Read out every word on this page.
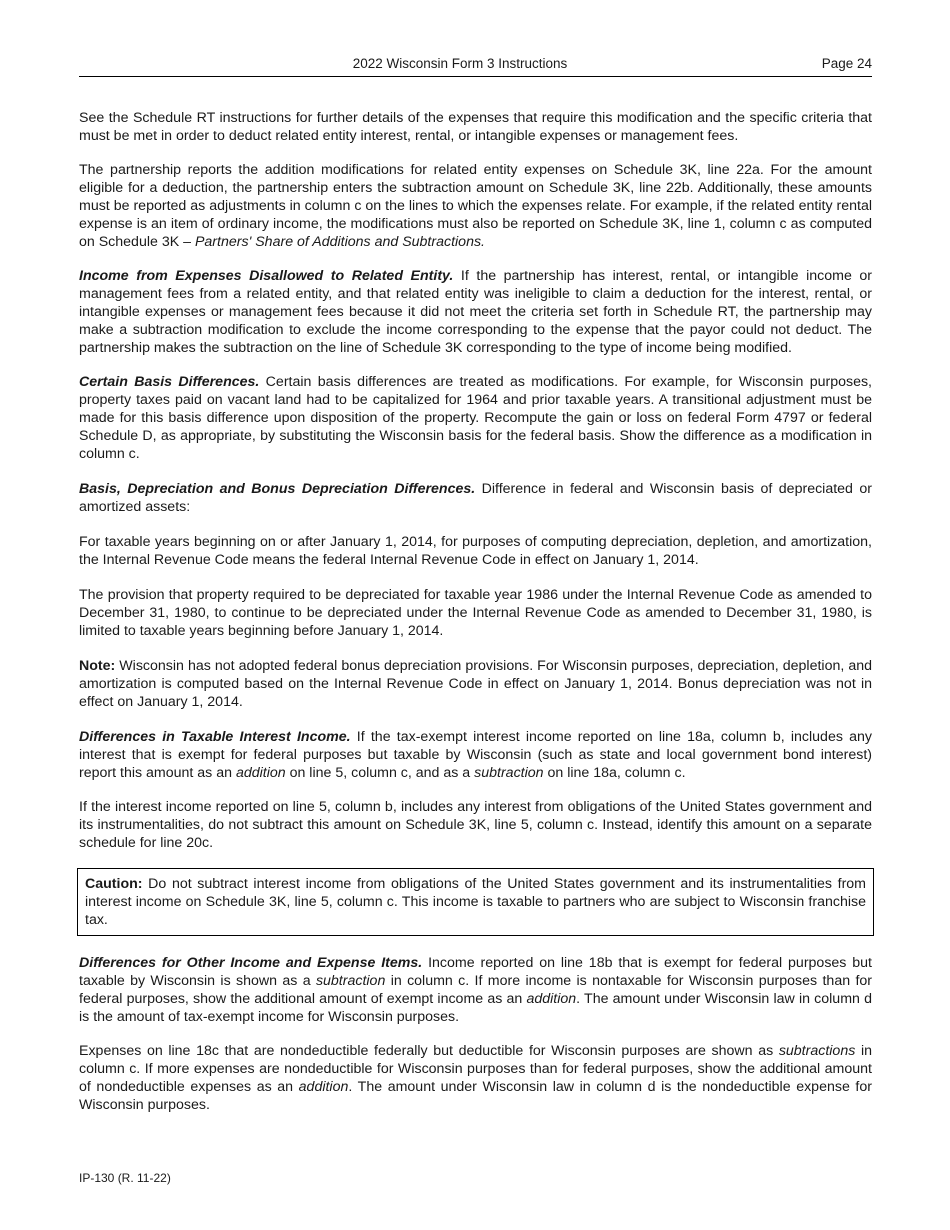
2022 Wisconsin Form 3 Instructions	Page 24

See the Schedule RT instructions for further details of the expenses that require this modification and the specific criteria that must be met in order to deduct related entity interest, rental, or intangible expenses or management fees.

The partnership reports the addition modifications for related entity expenses on Schedule 3K, line 22a. For the amount eligible for a deduction, the partnership enters the subtraction amount on Schedule 3K, line 22b. Additionally, these amounts must be reported as adjustments in column c on the lines to which the expenses relate. For example, if the related entity rental expense is an item of ordinary income, the modifications must also be reported on Schedule 3K, line 1, column c as computed on Schedule 3K – Partners' Share of Additions and Subtractions.

Income from Expenses Disallowed to Related Entity. If the partnership has interest, rental, or intangible income or management fees from a related entity, and that related entity was ineligible to claim a deduction for the interest, rental, or intangible expenses or management fees because it did not meet the criteria set forth in Schedule RT, the partnership may make a subtraction modification to exclude the income corresponding to the expense that the payor could not deduct. The partnership makes the subtraction on the line of Schedule 3K corresponding to the type of income being modified.

Certain Basis Differences. Certain basis differences are treated as modifications. For example, for Wisconsin purposes, property taxes paid on vacant land had to be capitalized for 1964 and prior taxable years. A transitional adjustment must be made for this basis difference upon disposition of the property. Recompute the gain or loss on federal Form 4797 or federal Schedule D, as appropriate, by substituting the Wisconsin basis for the federal basis. Show the difference as a modification in column c.

Basis, Depreciation and Bonus Depreciation Differences. Difference in federal and Wisconsin basis of depreciated or amortized assets:

For taxable years beginning on or after January 1, 2014, for purposes of computing depreciation, depletion, and amortization, the Internal Revenue Code means the federal Internal Revenue Code in effect on January 1, 2014.

The provision that property required to be depreciated for taxable year 1986 under the Internal Revenue Code as amended to December 31, 1980, to continue to be depreciated under the Internal Revenue Code as amended to December 31, 1980, is limited to taxable years beginning before January 1, 2014.

Note: Wisconsin has not adopted federal bonus depreciation provisions. For Wisconsin purposes, depreciation, depletion, and amortization is computed based on the Internal Revenue Code in effect on January 1, 2014. Bonus depreciation was not in effect on January 1, 2014.

Differences in Taxable Interest Income. If the tax-exempt interest income reported on line 18a, column b, includes any interest that is exempt for federal purposes but taxable by Wisconsin (such as state and local government bond interest) report this amount as an addition on line 5, column c, and as a subtraction on line 18a, column c.

If the interest income reported on line 5, column b, includes any interest from obligations of the United States government and its instrumentalities, do not subtract this amount on Schedule 3K, line 5, column c. Instead, identify this amount on a separate schedule for line 20c.

Caution: Do not subtract interest income from obligations of the United States government and its instrumentalities from interest income on Schedule 3K, line 5, column c. This income is taxable to partners who are subject to Wisconsin franchise tax.

Differences for Other Income and Expense Items. Income reported on line 18b that is exempt for federal purposes but taxable by Wisconsin is shown as a subtraction in column c. If more income is nontaxable for Wisconsin purposes than for federal purposes, show the additional amount of exempt income as an addition. The amount under Wisconsin law in column d is the amount of tax-exempt income for Wisconsin purposes.

Expenses on line 18c that are nondeductible federally but deductible for Wisconsin purposes are shown as subtractions in column c. If more expenses are nondeductible for Wisconsin purposes than for federal purposes, show the additional amount of nondeductible expenses as an addition. The amount under Wisconsin law in column d is the nondeductible expense for Wisconsin purposes.

IP-130 (R. 11-22)
